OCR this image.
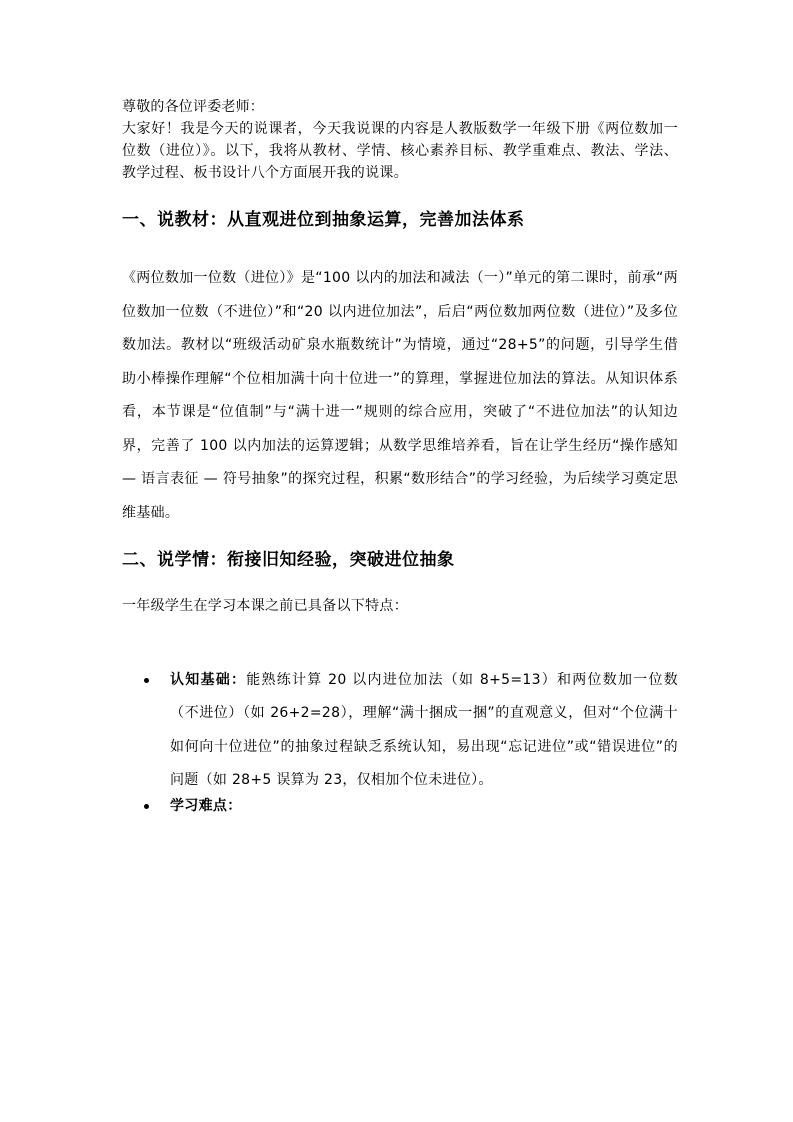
尊敬的各位评委老师：

大家好！我是今天的说课者，今天我说课的内容是人教版数学一年级下册《两位数加一位数（进位）》。以下，我将从教材、学情、核心素养目标、教学重难点、教法、学法、教学过程、板书设计八个方面展开我的说课。

一、说教材：从直观进位到抽象运算，完善加法体系

《两位数加一位数（进位）》是“100 以内的加法和减法（一）”单元的第二课时，前承“两位数加一位数（不进位）”和“20 以内进位加法”，后启“两位数加两位数（进位）”及多位数加法。教材以“班级活动矿泉水瓶数统计”为情境，通过“28+5”的问题，引导学生借助小棒操作理解“个位相加满十向十位进一”的算理，掌握进位加法的算法。从知识体系看，本节课是“位值制”与“满十进一”规则的综合应用，突破了“不进位加法”的认知边界，完善了 100 以内加法的运算逻辑；从数学思维培养看，旨在让学生经历“操作感知 — 语言表征 — 符号抽象”的探究过程，积累“数形结合”的学习经验，为后续学习奠定思维基础。

二、说学情：衔接旧知经验，突破进位抽象

一年级学生在学习本课之前已具备以下特点：

认知基础：能熟练计算 20 以内进位加法（如 8+5=13）和两位数加一位数（不进位）（如 26+2=28），理解“满十捆成一捆”的直观意义，但对“个位满十如何向十位进位”的抽象过程缺乏系统认知，易出现“忘记进位”或“错误进位”的问题（如 28+5 误算为 23，仅相加个位未进位）。
学习难点：
